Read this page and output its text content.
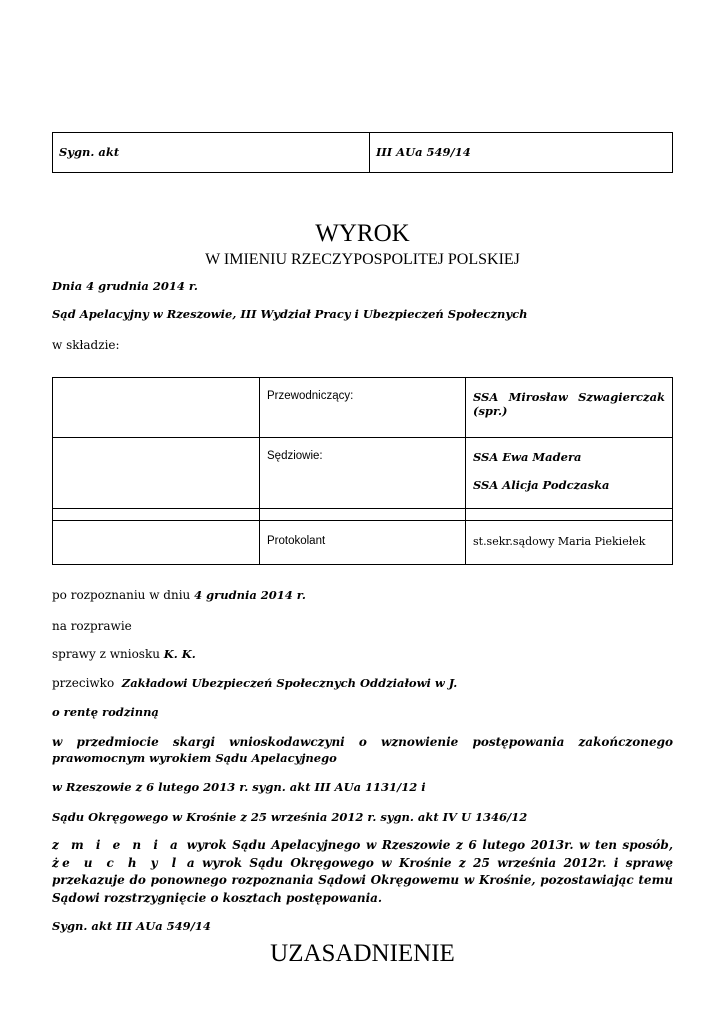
Sygn. akt	III AUa 549/14
WYROK
W IMIENIU RZECZYPOSPOLITEJ POLSKIEJ
Dnia 4 grudnia 2014 r.
Sąd Apelacyjny w Rzeszowie, III Wydział Pracy i Ubezpieczeń Społecznych
w składzie:
	Przewodniczący:	SSA Mirosław Szwagierczak
(spr.)
	Sędziowie:	SSA Ewa Madera

SSA Alicja Podczaska

	Protokolant	st.sekr.sądowy Maria Piekiełek
po rozpoznaniu w dniu 4 grudnia 2014 r.
na rozprawie
sprawy z wniosku K. K.
przeciwko  Zakładowi Ubezpieczeń Społecznych Oddziałowi w J.
o rentę rodzinną
w przedmiocie skargi wnioskodawczyni o wznowienie postępowania zakończonego
prawomocnym wyrokiem Sądu Apelacyjnego
w Rzeszowie z 6 lutego 2013 r. sygn. akt III AUa 1131/12 i
Sądu Okręgowego w Krośnie z 25 września 2012 r. sygn. akt IV U 1346/12
z m i e n i a wyrok Sądu Apelacyjnego w Rzeszowie z 6 lutego 2013r. w ten sposób, że u c h y l a wyrok Sądu Okręgowego w Krośnie z 25 września 2012r. i sprawę przekazuje do ponownego rozpoznania Sądowi Okręgowemu w Krośnie, pozostawiając temu Sądowi rozstrzygnięcie o kosztach postępowania.
Sygn. akt III AUa 549/14
UZASADNIENIE
